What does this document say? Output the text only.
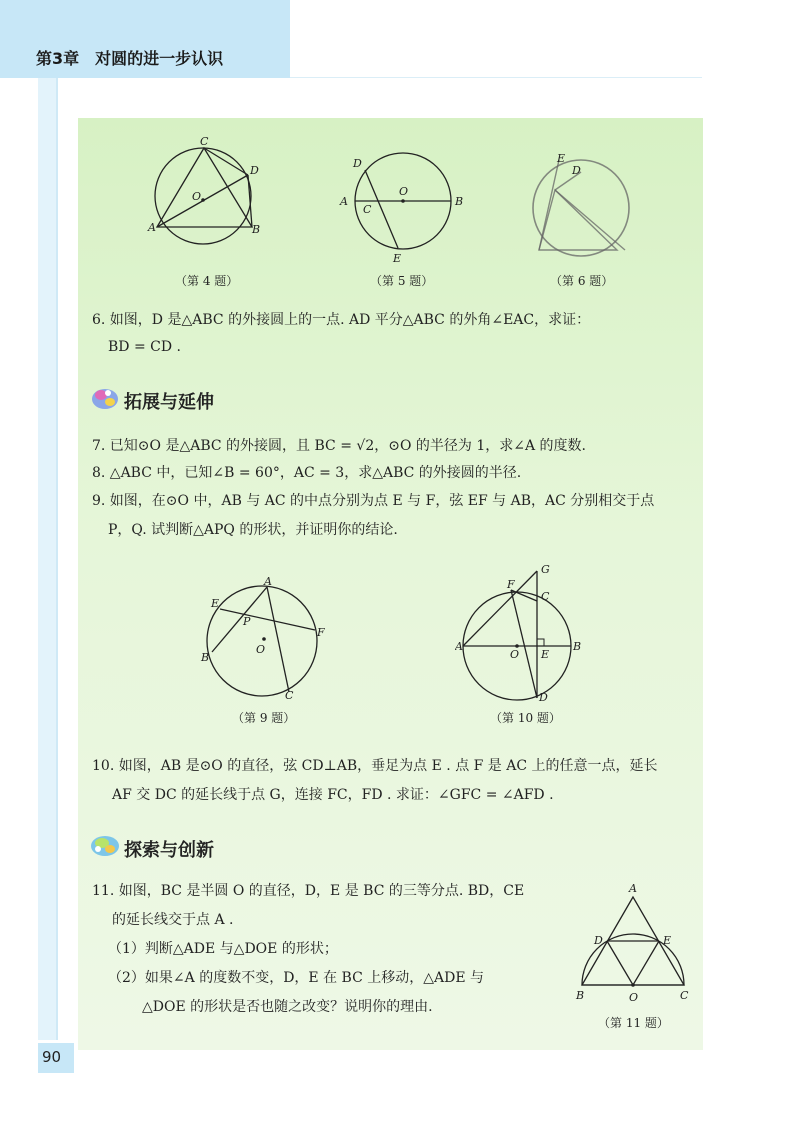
第3章　对圆的进一步认识
90
C
D
O
A	B
（第 4 题）
D
O
A
C
B
E
（第 5 题）
E
D
（第 6 题）
6. 如图，D 是△ABC 的外接圆上的一点. AD 平分△ABC 的外角∠EAC，求证：
BD = CD .
拓展与延伸
7. 已知⊙O 是△ABC 的外接圆，且 BC = √2，⊙O 的半径为 1，求∠A 的度数.
8. △ABC 中，已知∠B = 60°，AC = 3，求△ABC 的外接圆的半径.
9. 如图，在⊙O 中，AB 与 AC 的中点分别为点 E 与 F，弦 EF 与 AB，AC 分别相交于点
P，Q. 试判断△APQ 的形状，并证明你的结论.
A
E
P
F
O
B
C
（第 9 题）
G
F
C
A
O E
B
D
（第 10 题）
10. 如图，AB 是⊙O 的直径，弦 CD⊥AB，垂足为点 E . 点 F 是 AC 上的任意一点，延长
AF 交 DC 的延长线于点 G，连接 FC，FD . 求证：∠GFC = ∠AFD .
探索与创新
11. 如图，BC 是半圆 O 的直径，D，E 是 BC 的三等分点. BD，CE
的延长线交于点 A .
（1）判断△ADE 与△DOE 的形状；
（2）如果∠A 的度数不变，D，E 在 BC 上移动，△ADE 与
△DOE 的形状是否也随之改变？说明你的理由.
A
D	E
B	O	C
（第 11 题）
